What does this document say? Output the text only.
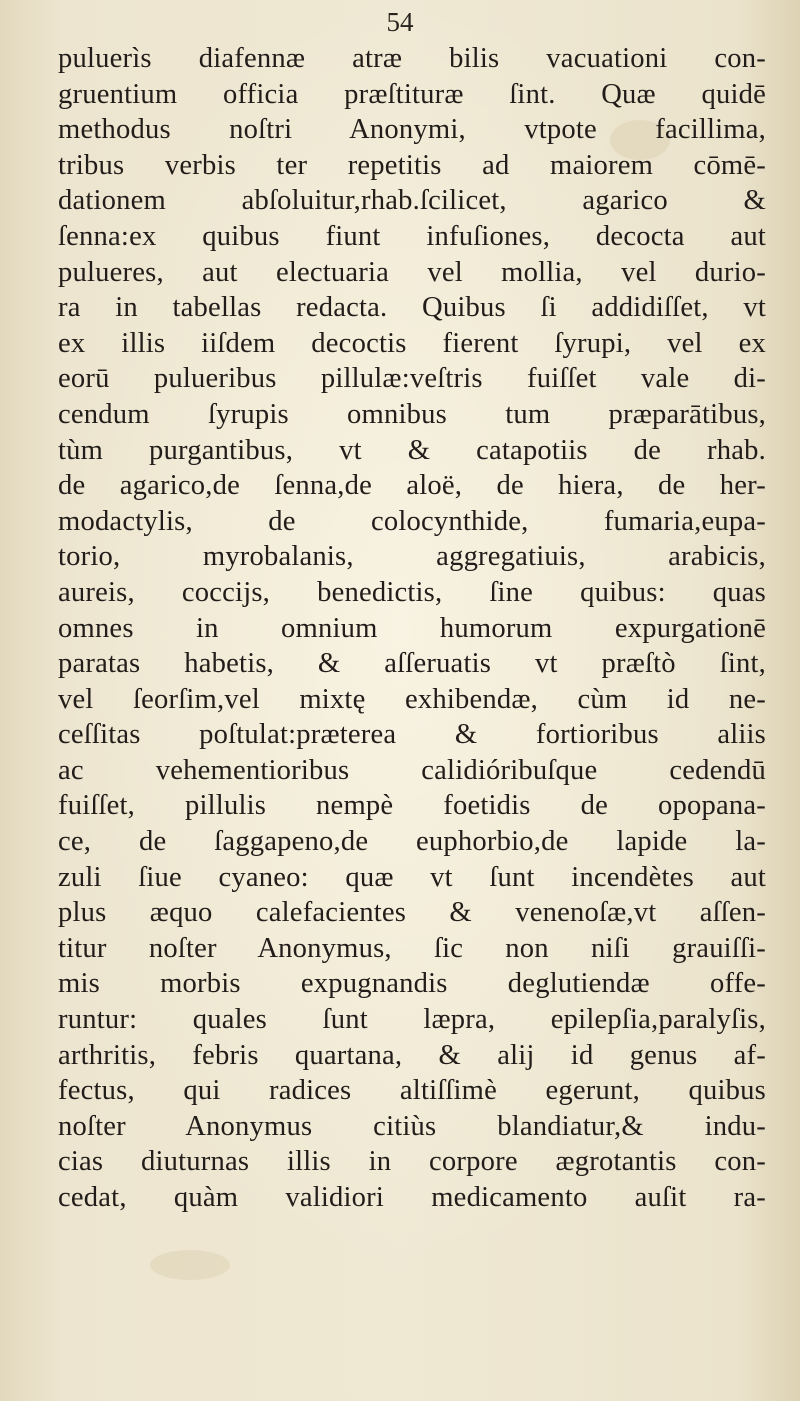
54
puluerìs diafennæ atræ bilis vacuationi con-
gruentium officia præſtituræ ſint. Quæ quidē
methodus noſtri Anonymi, vtpote facillima,
tribus verbis ter repetitis ad maiorem cōmē-
dationem abſoluitur,rhab.ſcilicet, agarico &
ſenna:ex quibus fiunt infuſiones, decocta aut
pulueres, aut electuaria vel mollia, vel durio-
ra in tabellas redacta. Quibus ſi addidiſſet, vt
ex illis iiſdem decoctis fierent ſyrupi, vel ex
eorū pulueribus pillulæ:veſtris fuiſſet vale di-
cendum ſyrupis omnibus tum præparātibus,
tùm purgantibus, vt & catapotiis de rhab.
de agarico,de ſenna,de aloë, de hiera, de her-
modactylis, de colocynthide, fumaria,eupa-
torio, myrobalanis, aggregatiuis, arabicis,
aureis, coccijs, benedictis, ſine quibus: quas
omnes in omnium humorum expurgationē
paratas habetis, & aſſeruatis vt præſtò ſint,
vel ſeorſim,vel mixtę exhibendæ, cùm id ne-
ceſſitas poſtulat:præterea & fortioribus aliis
ac vehementioribus calidióribuſque cedendū
fuiſſet, pillulis nempè foetidis de opopana-
ce, de ſaggapeno,de euphorbio,de lapide la-
zuli ſiue cyaneo: quæ vt ſunt incendètes aut
plus æquo calefacientes & venenoſæ,vt aſſen-
titur noſter Anonymus, ſic non niſi grauiſſi-
mis morbis expugnandis deglutiendæ offe-
runtur: quales ſunt læpra, epilepſia,paralyſis,
arthritis, febris quartana, & alij id genus af-
fectus, qui radices altiſſimè egerunt, quibus
noſter Anonymus citiùs blandiatur,& indu-
cias diuturnas illis in corpore ægrotantis con-
cedat, quàm validiori medicamento auſit ra-
